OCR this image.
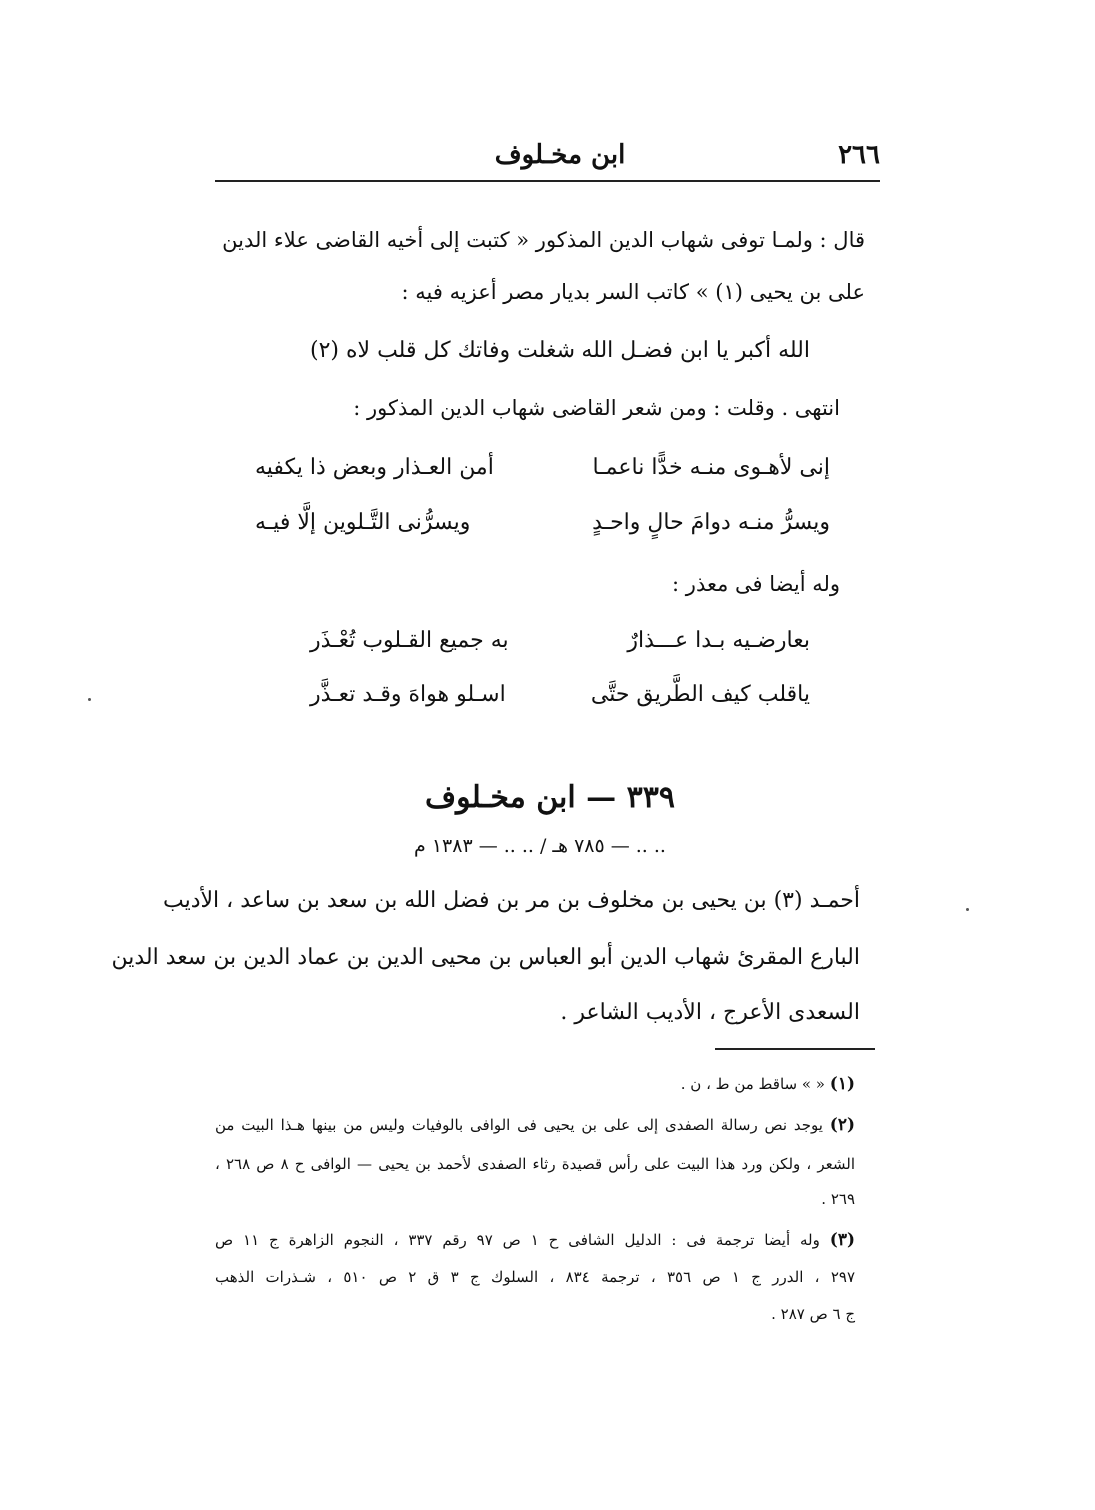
ابن مخـلوف	٢٦٦
قال : ولمـا توفى شهاب الدين المذكور « كتبت إلى أخيه القاضى علاء الدين
على بن يحيى (١) » كاتب السر بديار مصر أعزيه فيه :
الله أكبر يا ابن فضـل الله
شغلت وفاتك كل قلب لاه (٢)
انتهى . وقلت : ومن شعر القاضى شهاب الدين المذكور :
إنى لأهـوى منـه خدًّا ناعمـا
أمن العـذار وبعض ذا يكفيه
ويسرُّ منـه دوامَ حالٍ واحـدٍ
ويسرُّنى التَّـلوين إلَّا فيـه
وله أيضا فى معذر :
بعارضـيه بـدا عـــذارٌ
به جميع القـلوب تُعْـذَر
ياقلب كيف الطَّريق حتَّى
اسـلو هواهَ وقـد تعـذَّر
٣٣٩ — ابن مخـلوف
.. .. — ٧٨٥ هـ / .. .. — ١٣٨٣ م
أحمـد (٣) بن يحيى بن مخلوف بن مر بن فضل الله بن سعد بن ساعد ، الأديب
البارع المقرئ شهاب الدين أبو العباس بن محيى الدين بن عماد الدين بن سعد الدين
السعدى الأعرج ، الأديب الشاعر .
(١) « » ساقط من ط ، ن .
(٢) يوجد نص رسالة الصفدى إلى على بن يحيى فى الوافى بالوفيات وليس من بينها هـذا البيت من
الشعر ، ولكن ورد هذا البيت على رأس قصيدة رثاء الصفدى لأحمد بن يحيى — الوافى ح ٨ ص ٢٦٨ ،
٢٦٩ .
(٣) وله أيضا ترجمة فى : الدليل الشافى ح ١ ص ٩٧ رقم ٣٣٧ ، النجوم الزاهرة ج ١١ ص
٢٩٧ ، الدرر ج ١ ص ٣٥٦ ، ترجمة ٨٣٤ ، السلوك ج ٣ ق ٢ ص ٥١٠ ، شـذرات الذهب
ج ٦ ص ٢٨٧ .
